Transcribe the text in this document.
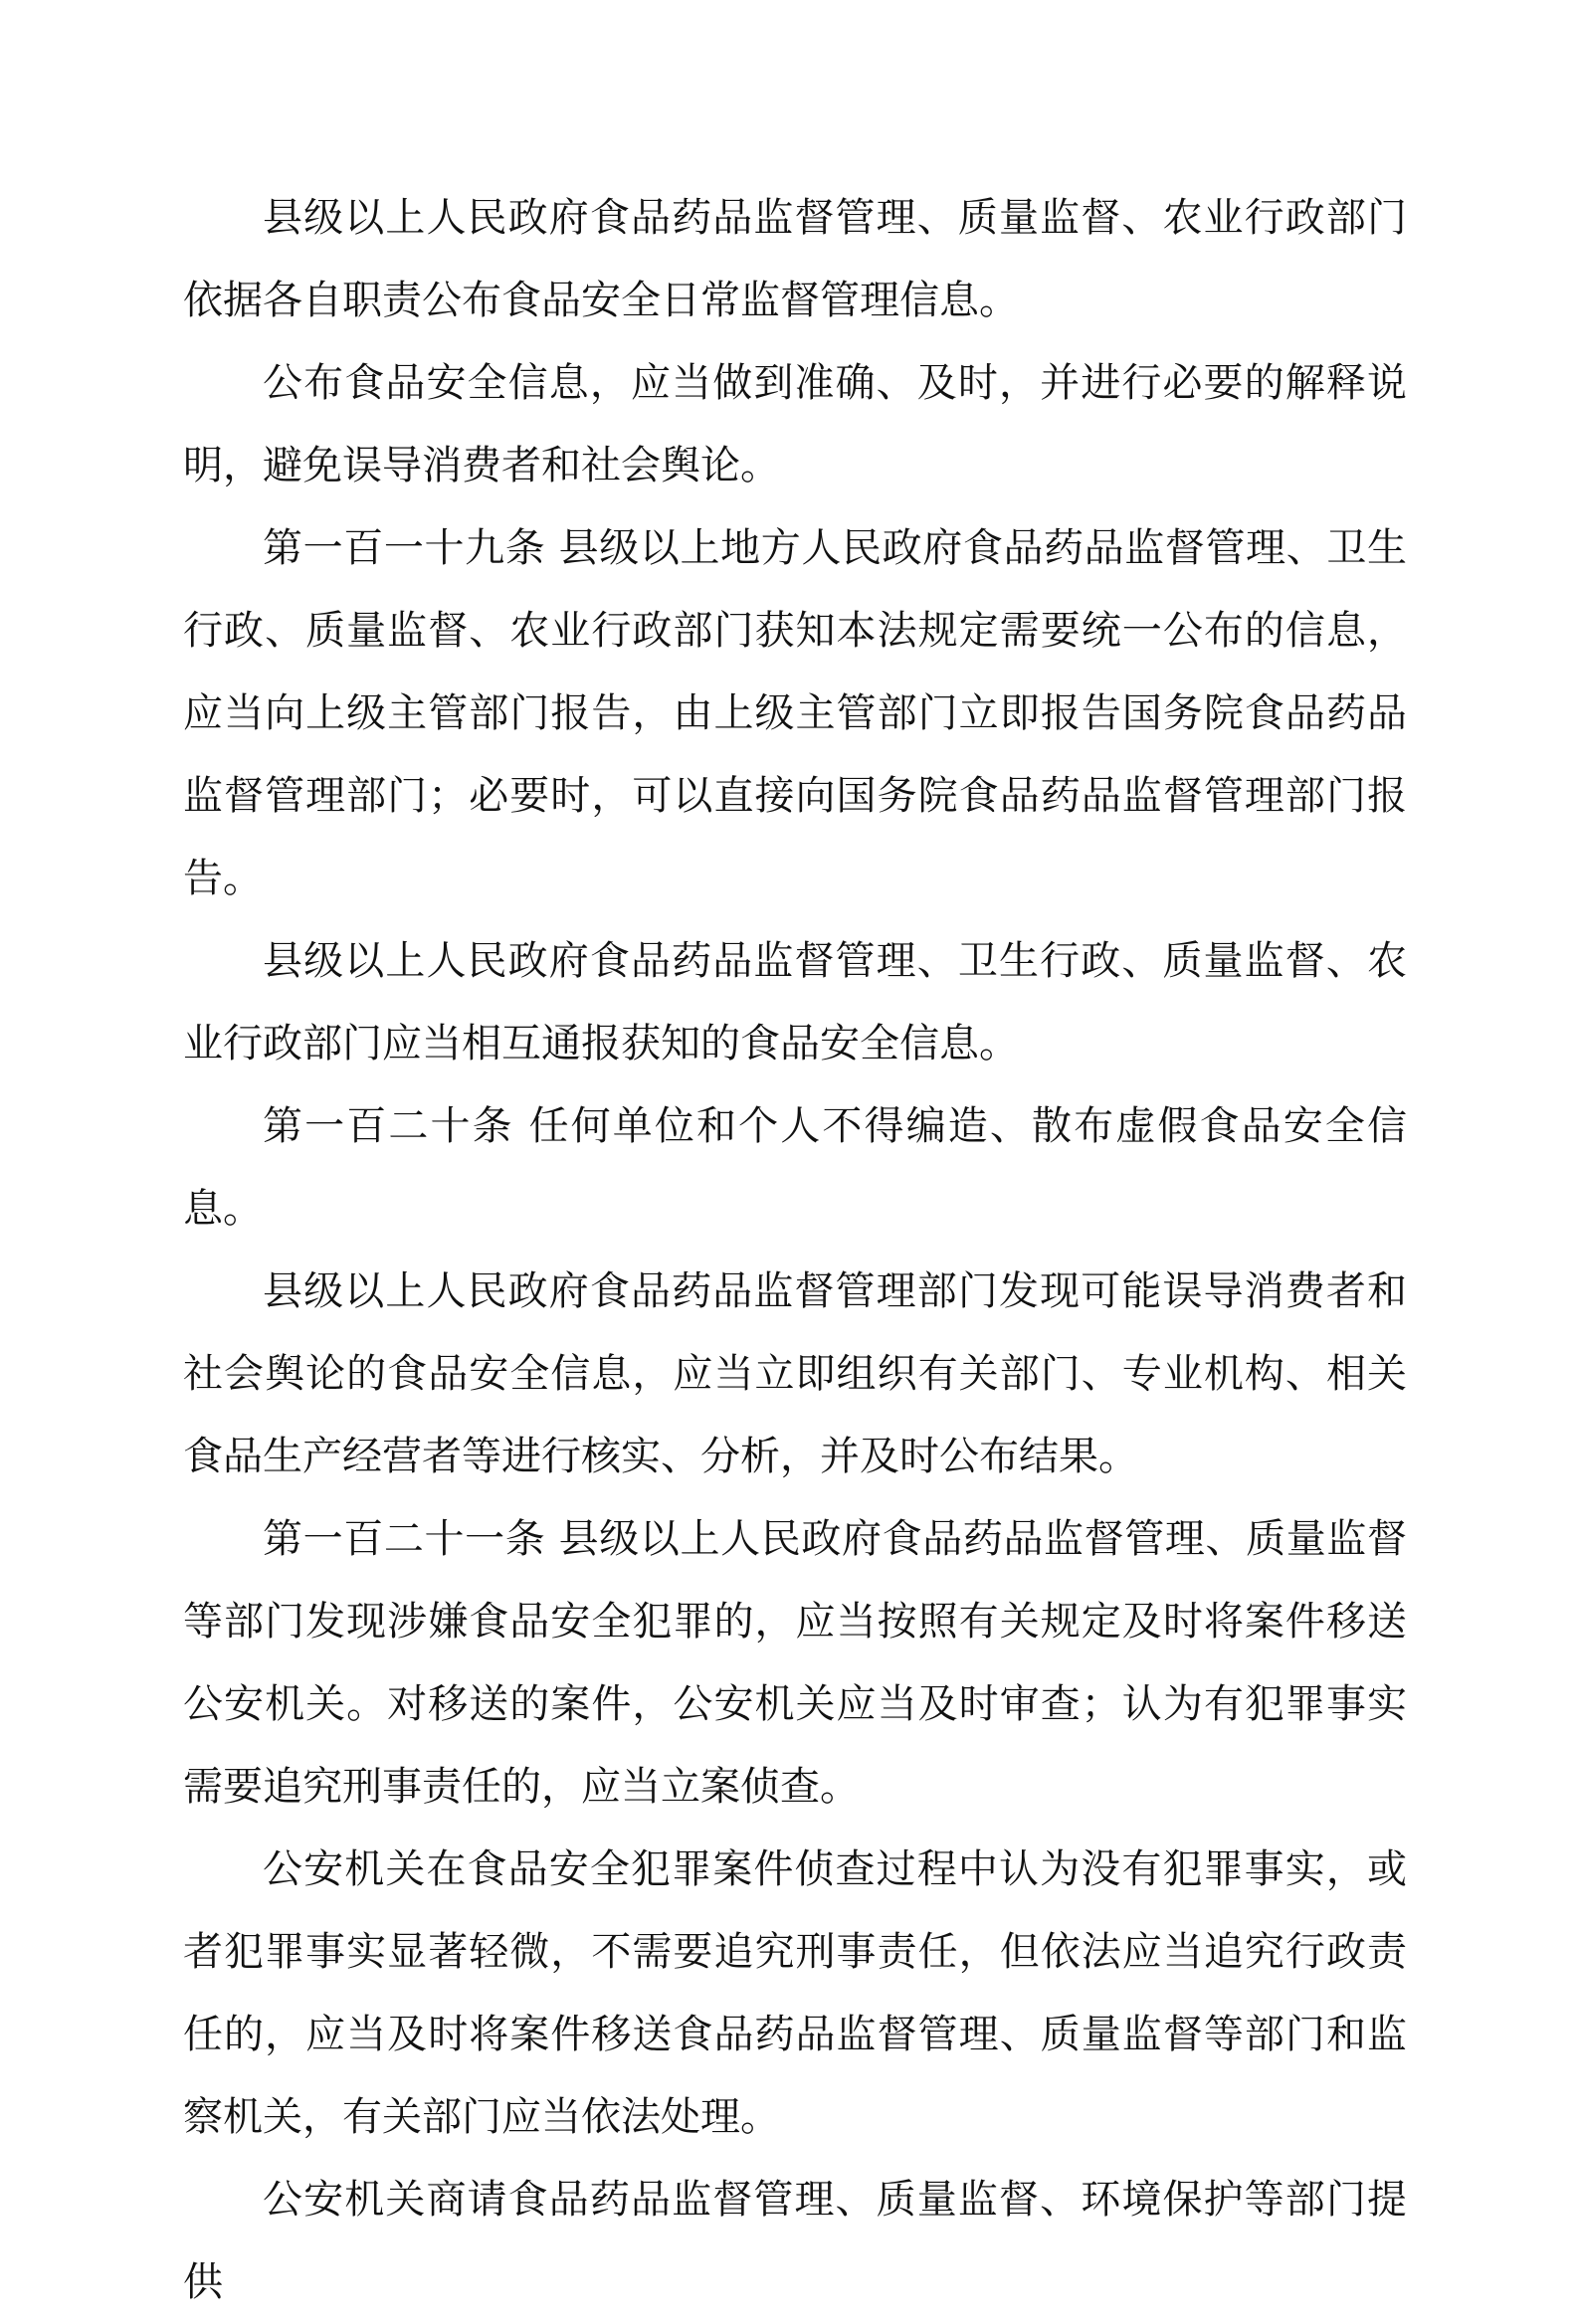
县级以上人民政府食品药品监督管理、质量监督、农业行政部门依据各自职责公布食品安全日常监督管理信息。

公布食品安全信息，应当做到准确、及时，并进行必要的解释说明，避免误导消费者和社会舆论。

第一百一十九条 县级以上地方人民政府食品药品监督管理、卫生行政、质量监督、农业行政部门获知本法规定需要统一公布的信息，应当向上级主管部门报告，由上级主管部门立即报告国务院食品药品监督管理部门；必要时，可以直接向国务院食品药品监督管理部门报告。

县级以上人民政府食品药品监督管理、卫生行政、质量监督、农业行政部门应当相互通报获知的食品安全信息。

第一百二十条 任何单位和个人不得编造、散布虚假食品安全信息。

县级以上人民政府食品药品监督管理部门发现可能误导消费者和社会舆论的食品安全信息，应当立即组织有关部门、专业机构、相关食品生产经营者等进行核实、分析，并及时公布结果。

第一百二十一条 县级以上人民政府食品药品监督管理、质量监督等部门发现涉嫌食品安全犯罪的，应当按照有关规定及时将案件移送公安机关。对移送的案件，公安机关应当及时审查；认为有犯罪事实需要追究刑事责任的，应当立案侦查。

公安机关在食品安全犯罪案件侦查过程中认为没有犯罪事实，或者犯罪事实显著轻微，不需要追究刑事责任，但依法应当追究行政责任的，应当及时将案件移送食品药品监督管理、质量监督等部门和监察机关，有关部门应当依法处理。

公安机关商请食品药品监督管理、质量监督、环境保护等部门提供
